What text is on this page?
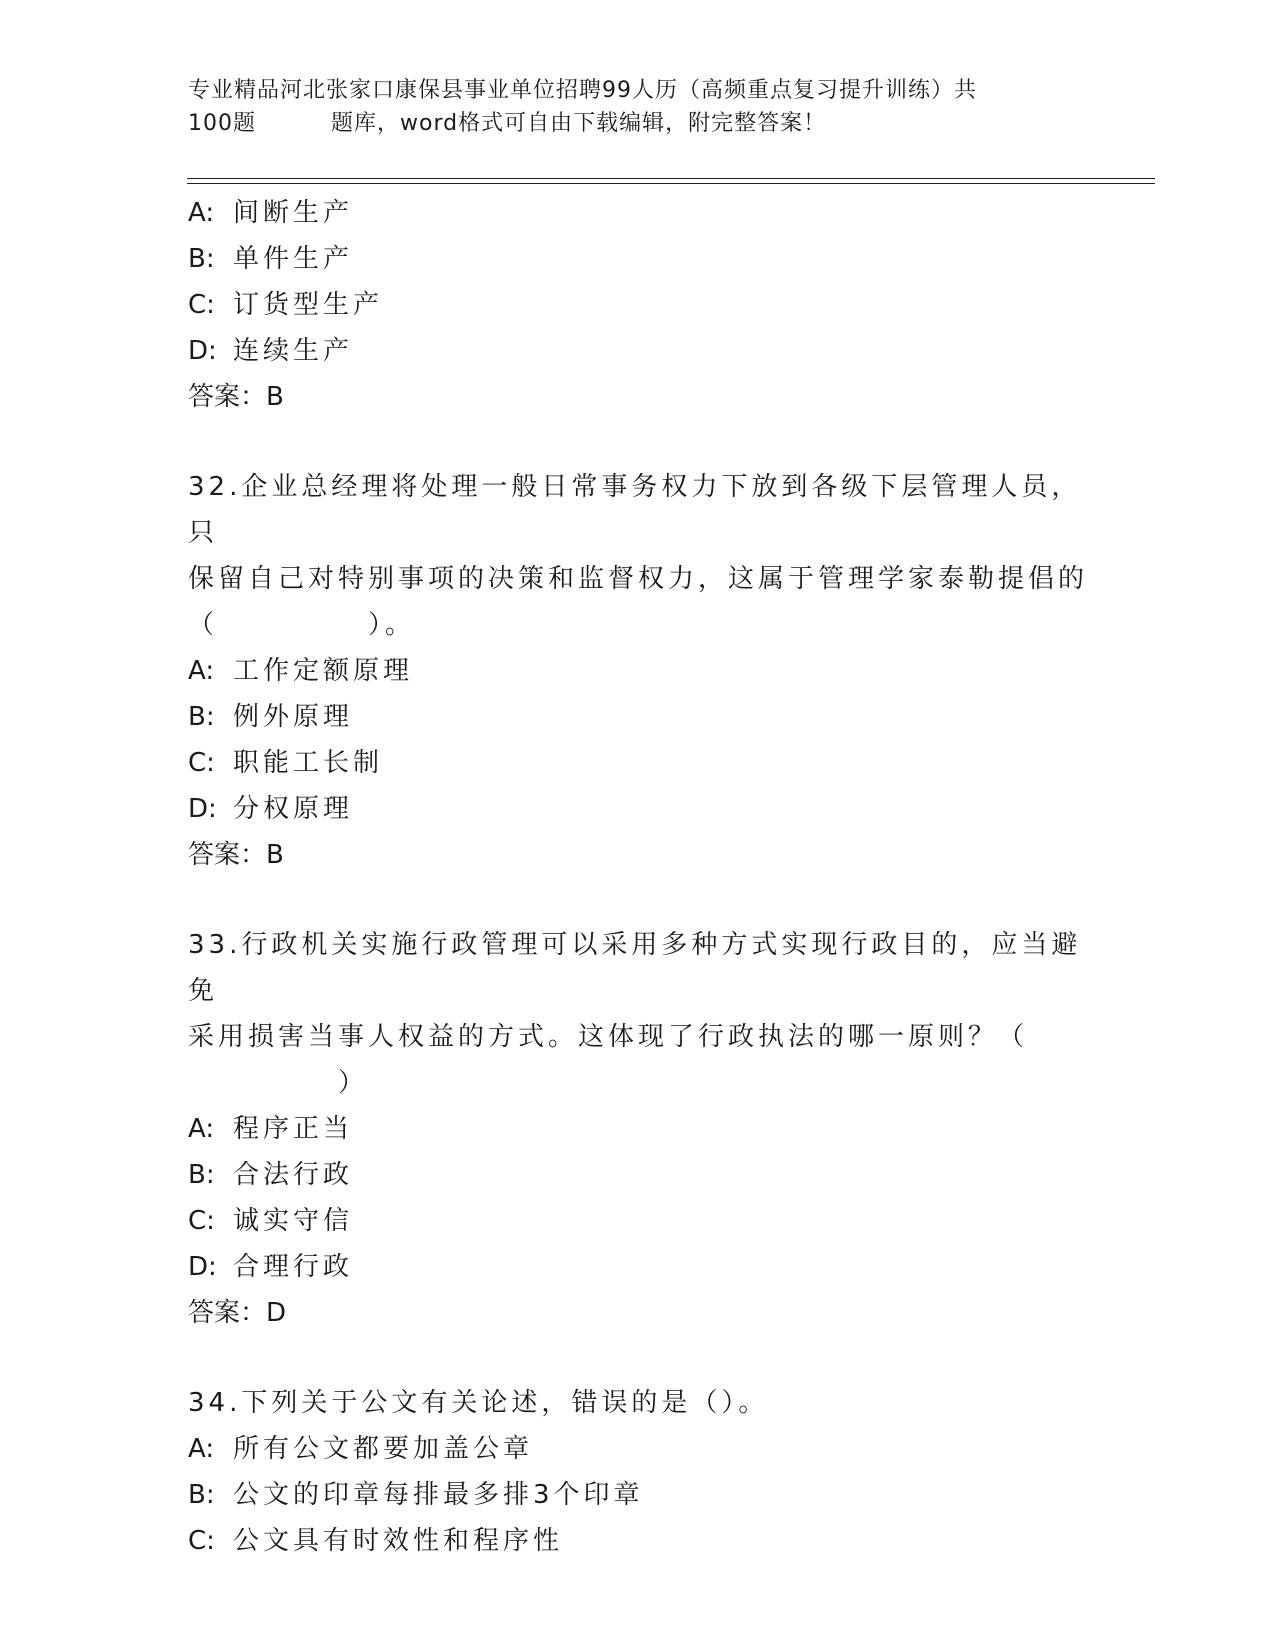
专业精品河北张家口康保县事业单位招聘99人历（高频重点复习提升训练）共
100题	题库，word格式可自由下载编辑，附完整答案！
A: 间断生产
B: 单件生产
C: 订货型生产
D: 连续生产
答案：B
32.企业总经理将处理一般日常事务权力下放到各级下层管理人员，只
保留自己对特别事项的决策和监督权力，这属于管理学家泰勒提倡的
（　　　　　）。
A: 工作定额原理
B: 例外原理
C: 职能工长制
D: 分权原理
答案：B
33.行政机关实施行政管理可以采用多种方式实现行政目的，应当避免
采用损害当事人权益的方式。这体现了行政执法的哪一原则？（
　　　　　）
A: 程序正当
B: 合法行政
C: 诚实守信
D: 合理行政
答案：D
34.下列关于公文有关论述，错误的是（）。
A: 所有公文都要加盖公章
B: 公文的印章每排最多排3个印章
C: 公文具有时效性和程序性
